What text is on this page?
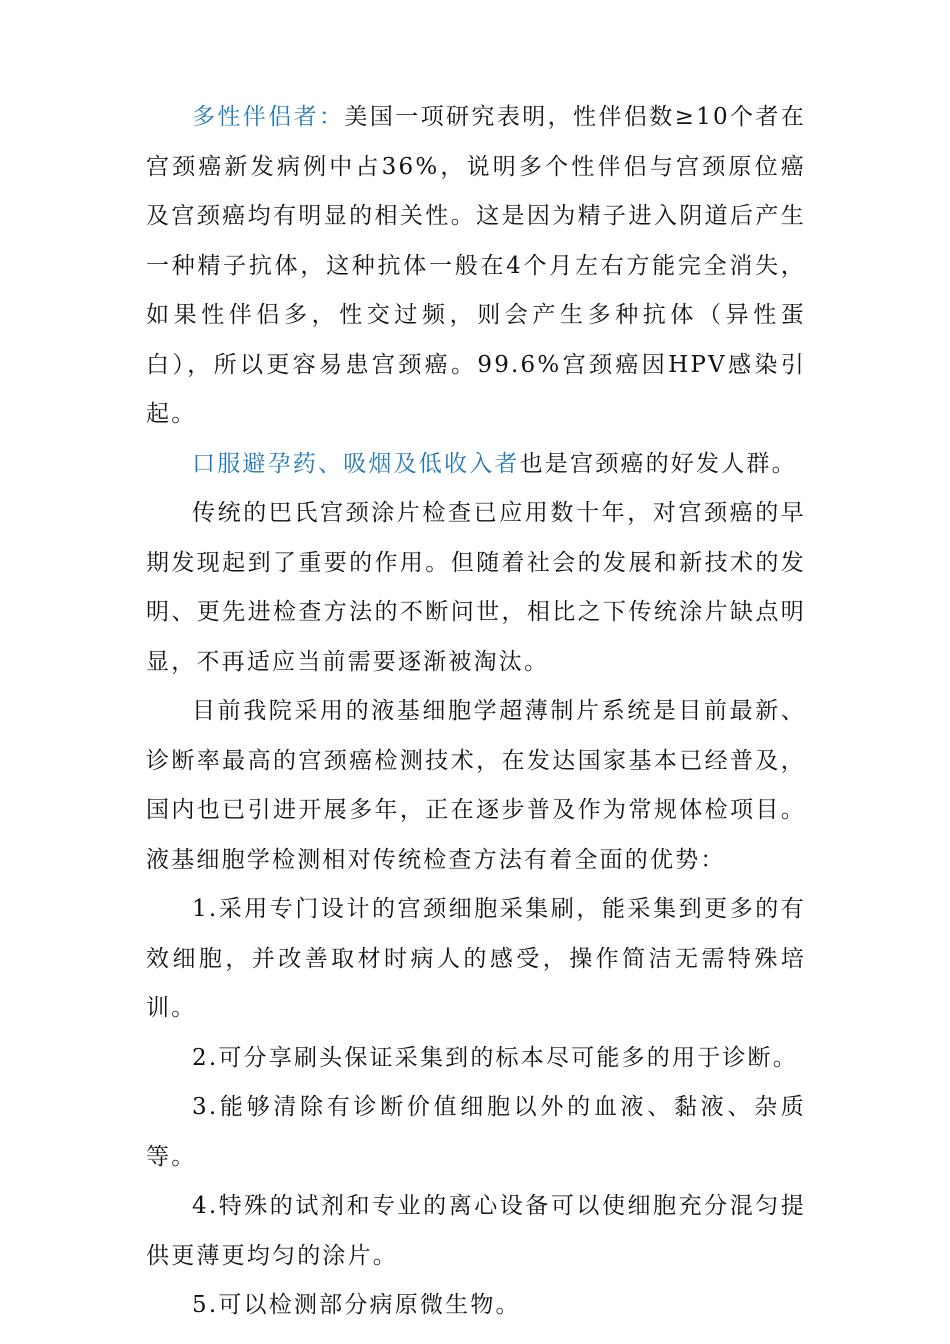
多性伴侣者：美国一项研究表明，性伴侣数≥10个者在宫颈癌新发病例中占36%，说明多个性伴侣与宫颈原位癌及宫颈癌均有明显的相关性。这是因为精子进入阴道后产生一种精子抗体，这种抗体一般在4个月左右方能完全消失，如果性伴侣多，性交过频，则会产生多种抗体（异性蛋白），所以更容易患宫颈癌。99.6%宫颈癌因HPV感染引起。

口服避孕药、吸烟及低收入者也是宫颈癌的好发人群。

传统的巴氏宫颈涂片检查已应用数十年，对宫颈癌的早期发现起到了重要的作用。但随着社会的发展和新技术的发明、更先进检查方法的不断问世，相比之下传统涂片缺点明显，不再适应当前需要逐渐被淘汰。

目前我院采用的液基细胞学超薄制片系统是目前最新、诊断率最高的宫颈癌检测技术，在发达国家基本已经普及，国内也已引进开展多年，正在逐步普及作为常规体检项目。液基细胞学检测相对传统检查方法有着全面的优势：

1.采用专门设计的宫颈细胞采集刷，能采集到更多的有效细胞，并改善取材时病人的感受，操作简洁无需特殊培训。

2.可分享刷头保证采集到的标本尽可能多的用于诊断。

3.能够清除有诊断价值细胞以外的血液、黏液、杂质等。

4.特殊的试剂和专业的离心设备可以使细胞充分混匀提供更薄更均匀的涂片。

5.可以检测部分病原微生物。
